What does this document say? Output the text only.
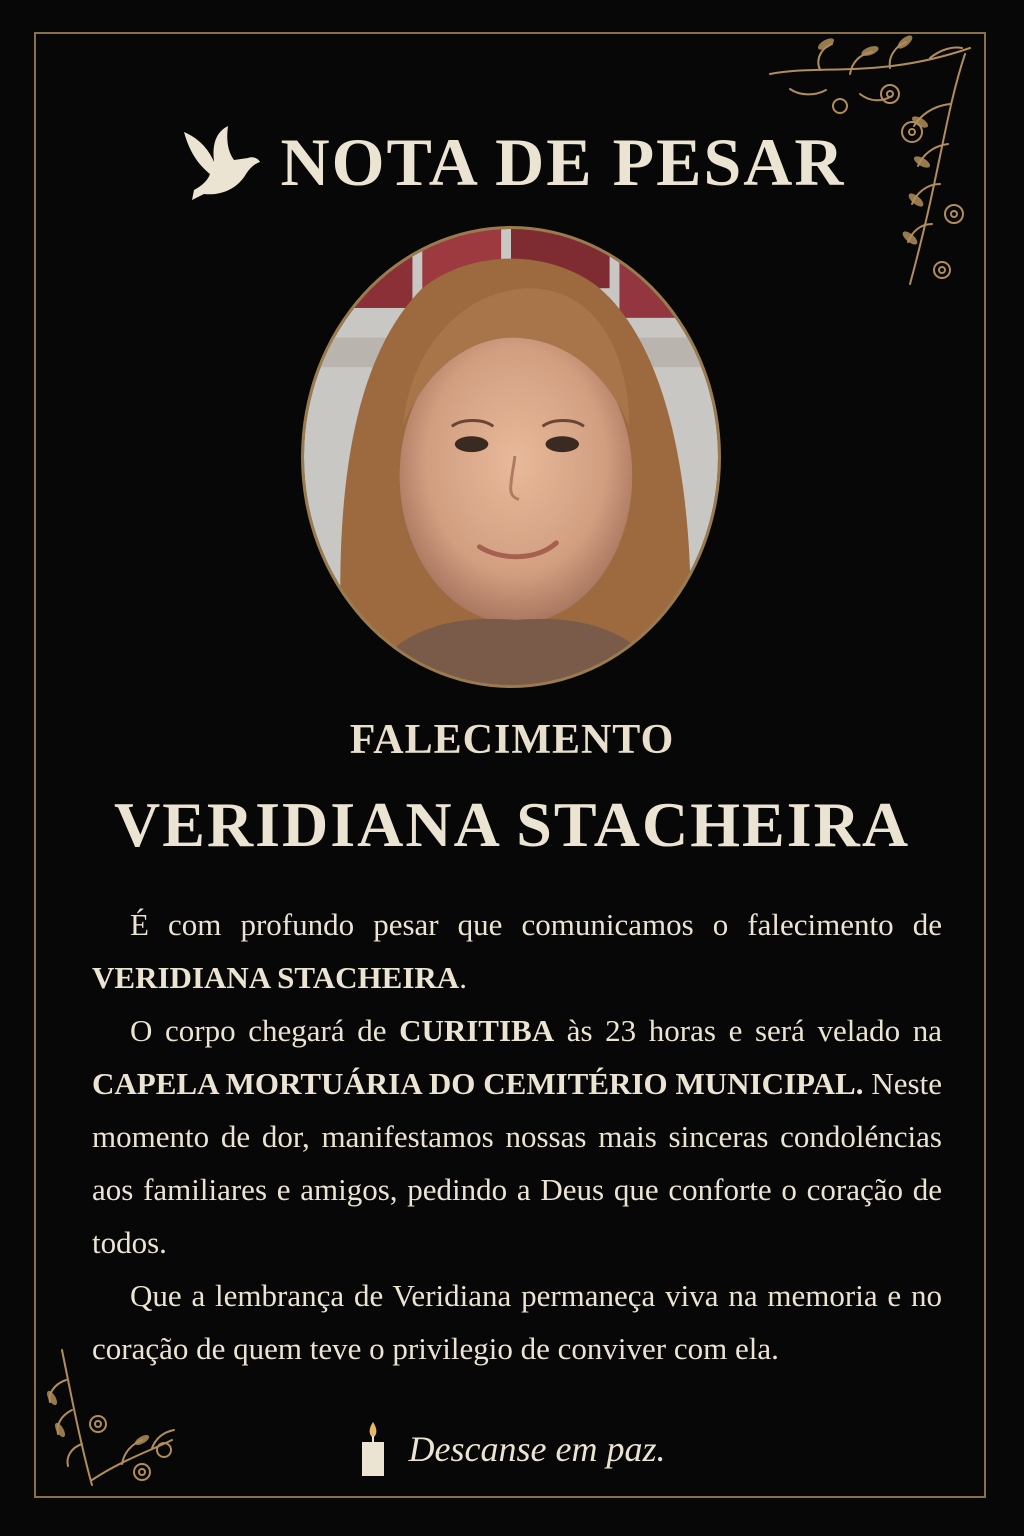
NOTA DE PESAR
FALECIMENTO
VERIDIANA STACHEIRA

É com profundo pesar que comunicamos o falecimento de VERIDIANA STACHEIRA.

O corpo chegará de CURITIBA às 23 horas e será velado na CAPELA MORTUÁRIA DO CEMITÉRIO MUNICIPAL. Neste momento de dor, manifestamos nossas mais sinceras condoléncias aos familiares e amigos, pedindo a Deus que conforte o coração de todos.

Que a lembrança de Veridiana permaneça viva na memoria e no coração de quem teve o privilegio de conviver com ela.

Descanse em paz.
